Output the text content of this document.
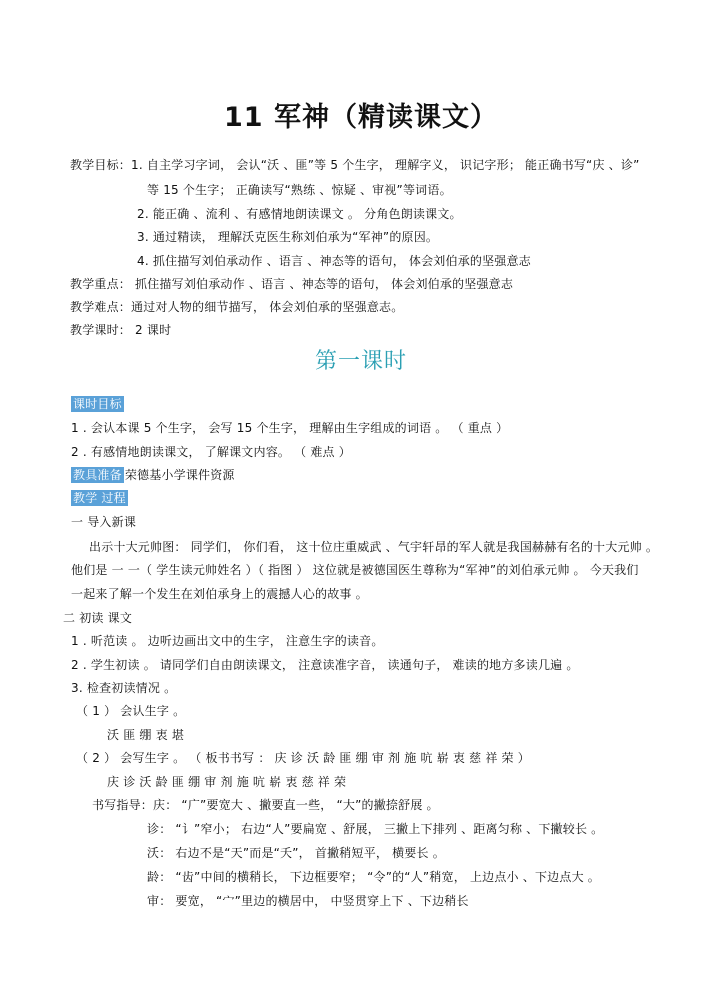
11 军神（精读课文）
教学目标：1. 自主学习字词， 会认“沃 、匪”等 5 个生字， 理解字义， 识记字形； 能正确书写“庆 、诊”
等 15 个生字； 正确读写“熟练 、惊疑 、审视”等词语。
2. 能正确 、流利 、有感情地朗读课文 。 分角色朗读课文。
3. 通过精读， 理解沃克医生称刘伯承为“军神”的原因。
4. 抓住描写刘伯承动作 、语言 、神态等的语句， 体会刘伯承的坚强意志
教学重点： 抓住描写刘伯承动作 、语言 、神态等的语句， 体会刘伯承的坚强意志
教学难点：通过对人物的细节描写， 体会刘伯承的坚强意志。
教学课时： 2 课时
第一课时
课时目标
1 . 会认本课 5 个生字， 会写 15 个生字， 理解由生字组成的词语 。 （ 重点 ）
2 . 有感情地朗读课文， 了解课文内容。 （ 难点 ）
教具准备 荣德基小学课件资源
教学 过程
一 导入新课
出示十大元帅图： 同学们， 你们看， 这十位庄重威武 、气宇轩昂的军人就是我国赫赫有名的十大元帅 。
他们是 一 一（ 学生读元帅姓名 ）（ 指图 ） 这位就是被德国医生尊称为“军神”的刘伯承元帅 。 今天我们
一起来了解一个发生在刘伯承身上的震撼人心的故事 。
二 初读 课文
1 . 听范读 。 边听边画出文中的生字， 注意生字的读音。
2 . 学生初读 。 请同学们自由朗读课文， 注意读准字音， 读通句子， 难读的地方多读几遍 。
3. 检查初读情况 。
（ 1 ） 会认生字 。
沃 匪 绷 衷 堪
（ 2 ） 会写生字 。 （ 板书书写 ： 庆 诊 沃 龄 匪 绷 审 剂 施 吭 崭 衷 慈 祥 荣 ）
庆 诊 沃 龄 匪 绷 审 剂 施 吭 崭 衷 慈 祥 荣
书写指导：庆： “广”要宽大 、撇要直一些， “大”的撇捺舒展 。
诊： “讠”窄小； 右边“人”要扁宽 、舒展， 三撇上下排列 、距离匀称 、下撇较长 。
沃： 右边不是“天”而是“夭”， 首撇稍短平， 横要长 。
龄： “齿”中间的横稍长， 下边框要窄； “令”的“人”稍宽， 上边点小 、下边点大 。
审： 要宽， “宀”里边的横居中， 中竖贯穿上下 、下边稍长
